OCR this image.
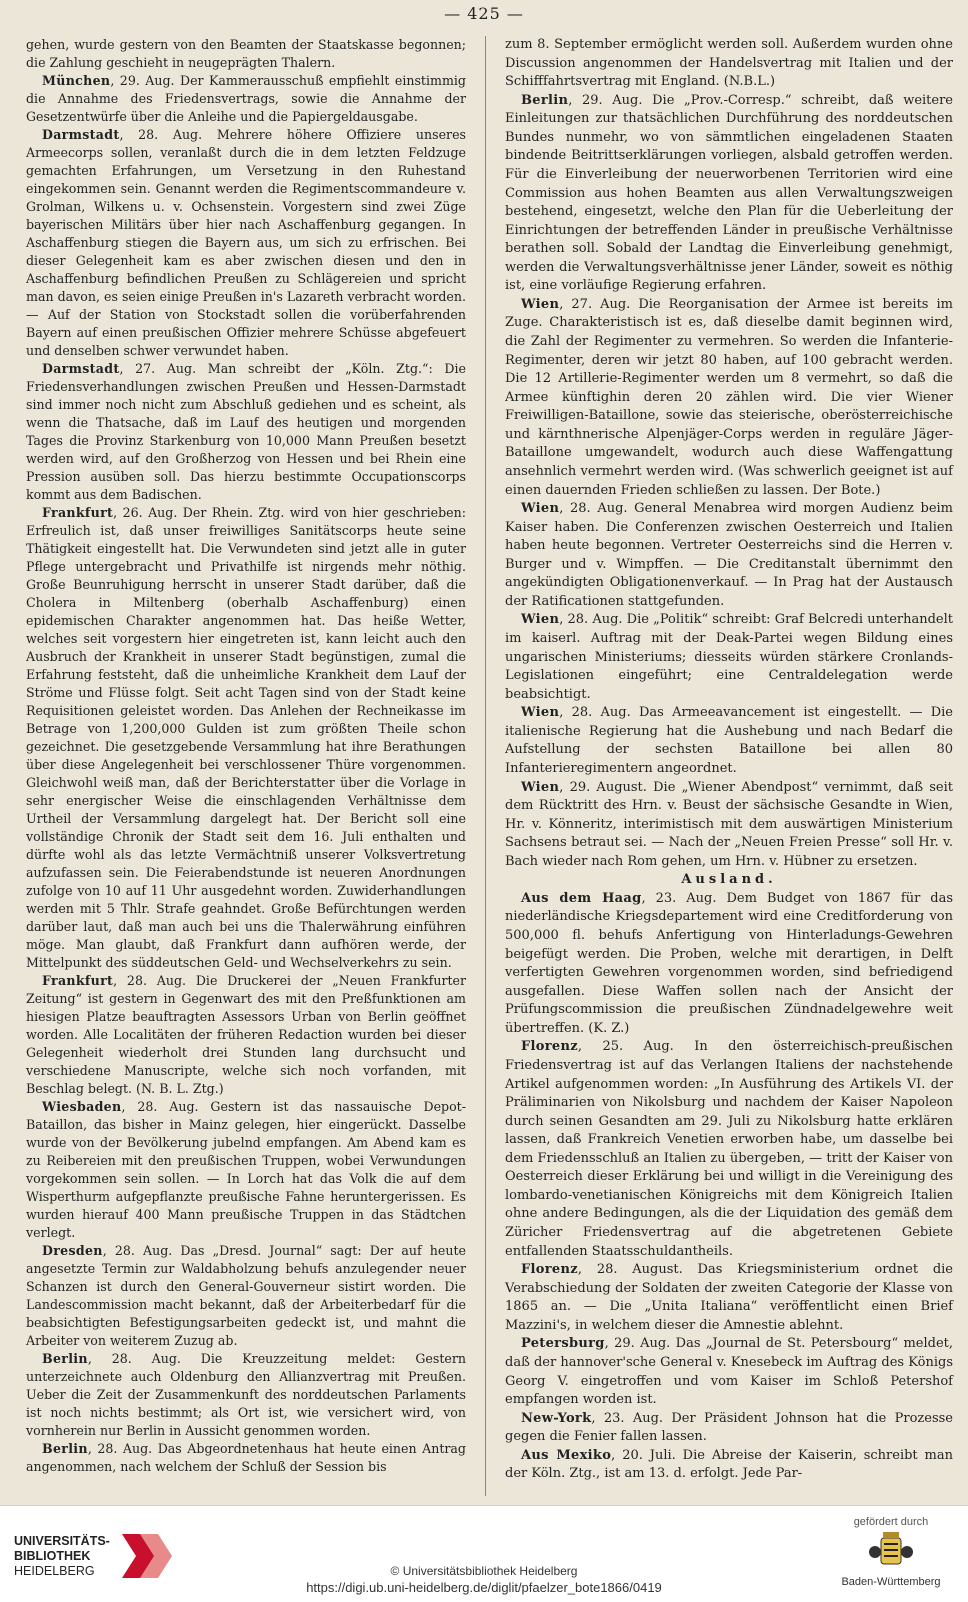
— 425 —

gehen, wurde gestern von den Beamten der Staatskasse begonnen; die Zahlung geschieht in neugeprägten Thalern.

München, 29. Aug. Der Kammerausschuß empfiehlt einstimmig die Annahme des Friedensvertrags, sowie die Annahme der Gesetzentwürfe über die Anleihe und die Papiergeldausgabe.

Darmstadt, 28. Aug. Mehrere höhere Offiziere unseres Armeecorps sollen, veranlaßt durch die in dem letzten Feldzuge gemachten Erfahrungen, um Versetzung in den Ruhestand eingekommen sein. Genannt werden die Regimentscommandeure v. Grolman, Wilkens u. v. Ochsenstein. Vorgestern sind zwei Züge bayerischen Militärs über hier nach Aschaffenburg gegangen. In Aschaffenburg stiegen die Bayern aus, um sich zu erfrischen. Bei dieser Gelegenheit kam es aber zwischen diesen und den in Aschaffenburg befindlichen Preußen zu Schlägereien und spricht man davon, es seien einige Preußen in's Lazareth verbracht worden. — Auf der Station von Stockstadt sollen die vorüberfahrenden Bayern auf einen preußischen Offizier mehrere Schüsse abgefeuert und denselben schwer verwundet haben.

Darmstadt, 27. Aug. Man schreibt der „Köln. Ztg.“: Die Friedensverhandlungen zwischen Preußen und Hessen-Darmstadt sind immer noch nicht zum Abschluß gediehen und es scheint, als wenn die Thatsache, daß im Lauf des heutigen und morgenden Tages die Provinz Starkenburg von 10,000 Mann Preußen besetzt werden wird, auf den Großherzog von Hessen und bei Rhein eine Pression ausüben soll. Das hierzu bestimmte Occupationscorps kommt aus dem Badischen.

Frankfurt, 26. Aug. Der Rhein. Ztg. wird von hier geschrieben: Erfreulich ist, daß unser freiwilliges Sanitätscorps heute seine Thätigkeit eingestellt hat. Die Verwundeten sind jetzt alle in guter Pflege untergebracht und Privathilfe ist nirgends mehr nöthig. Große Beunruhigung herrscht in unserer Stadt darüber, daß die Cholera in Miltenberg (oberhalb Aschaffenburg) einen epidemischen Charakter angenommen hat. Das heiße Wetter, welches seit vorgestern hier eingetreten ist, kann leicht auch den Ausbruch der Krankheit in unserer Stadt begünstigen, zumal die Erfahrung feststeht, daß die unheimliche Krankheit dem Lauf der Ströme und Flüsse folgt. Seit acht Tagen sind von der Stadt keine Requisitionen geleistet worden. Das Anlehen der Rechneikasse im Betrage von 1,200,000 Gulden ist zum größten Theile schon gezeichnet. Die gesetzgebende Versammlung hat ihre Berathungen über diese Angelegenheit bei verschlossener Thüre vorgenommen. Gleichwohl weiß man, daß der Berichterstatter über die Vorlage in sehr energischer Weise die einschlagenden Verhältnisse dem Urtheil der Versammlung dargelegt hat. Der Bericht soll eine vollständige Chronik der Stadt seit dem 16. Juli enthalten und dürfte wohl als das letzte Vermächtniß unserer Volksvertretung aufzufassen sein. Die Feierabendstunde ist neueren Anordnungen zufolge von 10 auf 11 Uhr ausgedehnt worden. Zuwiderhandlungen werden mit 5 Thlr. Strafe geahndet. Große Befürchtungen werden darüber laut, daß man auch bei uns die Thalerwährung einführen möge. Man glaubt, daß Frankfurt dann aufhören werde, der Mittelpunkt des süddeutschen Geld- und Wechselverkehrs zu sein.

Frankfurt, 28. Aug. Die Druckerei der „Neuen Frankfurter Zeitung“ ist gestern in Gegenwart des mit den Preßfunktionen am hiesigen Platze beauftragten Assessors Urban von Berlin geöffnet worden. Alle Localitäten der früheren Redaction wurden bei dieser Gelegenheit wiederholt drei Stunden lang durchsucht und verschiedene Manuscripte, welche sich noch vorfanden, mit Beschlag belegt. (N. B. L. Ztg.)

Wiesbaden, 28. Aug. Gestern ist das nassauische Depot-Bataillon, das bisher in Mainz gelegen, hier eingerückt. Dasselbe wurde von der Bevölkerung jubelnd empfangen. Am Abend kam es zu Reibereien mit den preußischen Truppen, wobei Verwundungen vorgekommen sein sollen. — In Lorch hat das Volk die auf dem Wisperthurm aufgepflanzte preußische Fahne heruntergerissen. Es wurden hierauf 400 Mann preußische Truppen in das Städtchen verlegt.

Dresden, 28. Aug. Das „Dresd. Journal“ sagt: Der auf heute angesetzte Termin zur Waldabholzung behufs anzulegender neuer Schanzen ist durch den General-Gouverneur sistirt worden. Die Landescommission macht bekannt, daß der Arbeiterbedarf für die beabsichtigten Befestigungsarbeiten gedeckt ist, und mahnt die Arbeiter von weiterem Zuzug ab.

Berlin, 28. Aug. Die Kreuzzeitung meldet: Gestern unterzeichnete auch Oldenburg den Allianzvertrag mit Preußen. Ueber die Zeit der Zusammenkunft des norddeutschen Parlaments ist noch nichts bestimmt; als Ort ist, wie versichert wird, von vornherein nur Berlin in Aussicht genommen worden.

Berlin, 28. Aug. Das Abgeordnetenhaus hat heute einen Antrag angenommen, nach welchem der Schluß der Session bis

zum 8. September ermöglicht werden soll. Außerdem wurden ohne Discussion angenommen der Handelsvertrag mit Italien und der Schifffahrtsvertrag mit England. (N.B.L.)

Berlin, 29. Aug. Die „Prov.-Corresp.“ schreibt, daß weitere Einleitungen zur thatsächlichen Durchführung des norddeutschen Bundes nunmehr, wo von sämmtlichen eingeladenen Staaten bindende Beitrittserklärungen vorliegen, alsbald getroffen werden. Für die Einverleibung der neuerworbenen Territorien wird eine Commission aus hohen Beamten aus allen Verwaltungszweigen bestehend, eingesetzt, welche den Plan für die Ueberleitung der Einrichtungen der betreffenden Länder in preußische Verhältnisse berathen soll. Sobald der Landtag die Einverleibung genehmigt, werden die Verwaltungsverhältnisse jener Länder, soweit es nöthig ist, eine vorläufige Regierung erfahren.

Wien, 27. Aug. Die Reorganisation der Armee ist bereits im Zuge. Charakteristisch ist es, daß dieselbe damit beginnen wird, die Zahl der Regimenter zu vermehren. So werden die Infanterie-Regimenter, deren wir jetzt 80 haben, auf 100 gebracht werden. Die 12 Artillerie-Regimenter werden um 8 vermehrt, so daß die Armee künftighin deren 20 zählen wird. Die vier Wiener Freiwilligen-Bataillone, sowie das steierische, oberösterreichische und kärnthnerische Alpenjäger-Corps werden in reguläre Jäger-Bataillone umgewandelt, wodurch auch diese Waffengattung ansehnlich vermehrt werden wird. (Was schwerlich geeignet ist auf einen dauernden Frieden schließen zu lassen. Der Bote.)

Wien, 28. Aug. General Menabrea wird morgen Audienz beim Kaiser haben. Die Conferenzen zwischen Oesterreich und Italien haben heute begonnen. Vertreter Oesterreichs sind die Herren v. Burger und v. Wimpffen. — Die Creditanstalt übernimmt den angekündigten Obligationenverkauf. — In Prag hat der Austausch der Ratificationen stattgefunden.

Wien, 28. Aug. Die „Politik“ schreibt: Graf Belcredi unterhandelt im kaiserl. Auftrag mit der Deak-Partei wegen Bildung eines ungarischen Ministeriums; diesseits würden stärkere Cronlands-Legislationen eingeführt; eine Centraldelegation werde beabsichtigt.

Wien, 28. Aug. Das Armeeavancement ist eingestellt. — Die italienische Regierung hat die Aushebung und nach Bedarf die Aufstellung der sechsten Bataillone bei allen 80 Infanterieregimentern angeordnet.

Wien, 29. August. Die „Wiener Abendpost“ vernimmt, daß seit dem Rücktritt des Hrn. v. Beust der sächsische Gesandte in Wien, Hr. v. Könneritz, interimistisch mit dem auswärtigen Ministerium Sachsens betraut sei. — Nach der „Neuen Freien Presse“ soll Hr. v. Bach wieder nach Rom gehen, um Hrn. v. Hübner zu ersetzen.

Ausland.

Aus dem Haag, 23. Aug. Dem Budget von 1867 für das niederländische Kriegsdepartement wird eine Creditforderung von 500,000 fl. behufs Anfertigung von Hinterladungs-Gewehren beigefügt werden. Die Proben, welche mit derartigen, in Delft verfertigten Gewehren vorgenommen worden, sind befriedigend ausgefallen. Diese Waffen sollen nach der Ansicht der Prüfungscommission die preußischen Zündnadelgewehre weit übertreffen. (K. Z.)

Florenz, 25. Aug. In den österreichisch-preußischen Friedensvertrag ist auf das Verlangen Italiens der nachstehende Artikel aufgenommen worden: „In Ausführung des Artikels VI. der Präliminarien von Nikolsburg und nachdem der Kaiser Napoleon durch seinen Gesandten am 29. Juli zu Nikolsburg hatte erklären lassen, daß Frankreich Venetien erworben habe, um dasselbe bei dem Friedensschluß an Italien zu übergeben, — tritt der Kaiser von Oesterreich dieser Erklärung bei und willigt in die Vereinigung des lombardo-venetianischen Königreichs mit dem Königreich Italien ohne andere Bedingungen, als die der Liquidation des gemäß dem Züricher Friedensvertrag auf die abgetretenen Gebiete entfallenden Staatsschuldantheils.

Florenz, 28. August. Das Kriegsministerium ordnet die Verabschiedung der Soldaten der zweiten Categorie der Klasse von 1865 an. — Die „Unita Italiana“ veröffentlicht einen Brief Mazzini's, in welchem dieser die Amnestie ablehnt.

Petersburg, 29. Aug. Das „Journal de St. Petersbourg“ meldet, daß der hannover'sche General v. Knesebeck im Auftrag des Königs Georg V. eingetroffen und vom Kaiser im Schloß Petershof empfangen worden ist.

New-York, 23. Aug. Der Präsident Johnson hat die Prozesse gegen die Fenier fallen lassen.

Aus Mexiko, 20. Juli. Die Abreise der Kaiserin, schreibt man der Köln. Ztg., ist am 13. d. erfolgt. Jede Par-

UNIVERSITÄTS-
BIBLIOTHEK
HEIDELBERG	© Universitätsbibliothek Heidelberg
https://digi.ub.uni-heidelberg.de/diglit/pfaelzer_bote1866/0419
gefördert durch
Baden-Württemberg
